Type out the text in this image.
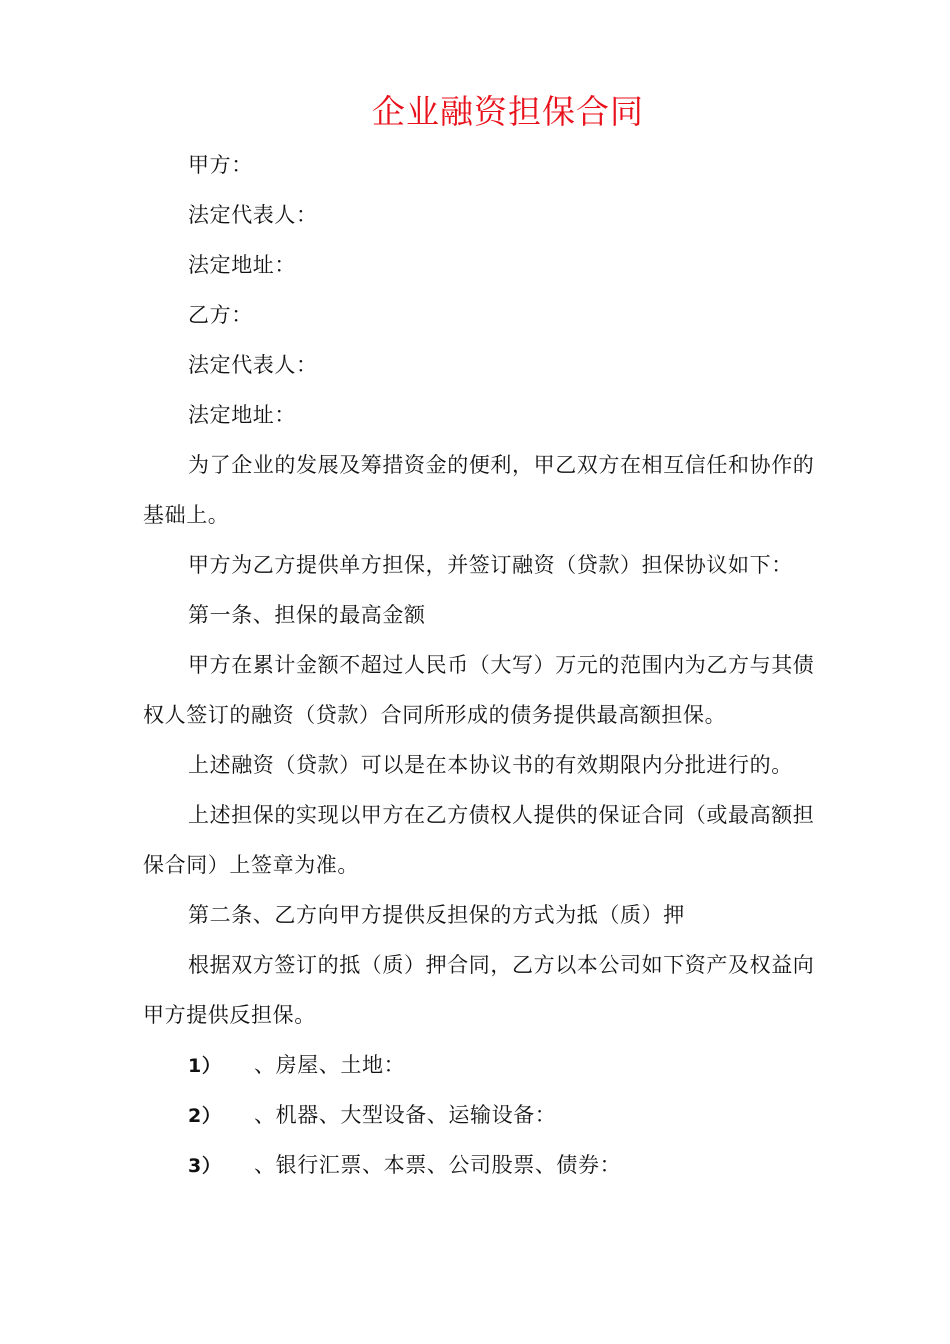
企业融资担保合同
甲方：
法定代表人：
法定地址：
乙方：
法定代表人：
法定地址：
为了企业的发展及筹措资金的便利，甲乙双方在相互信任和协作的基础上。
甲方为乙方提供单方担保，并签订融资（贷款）担保协议如下：
第一条、担保的最高金额
甲方在累计金额不超过人民币（大写）万元的范围内为乙方与其债 权人签订的融资（贷款）合同所形成的债务提供最高额担保。
上述融资（贷款）可以是在本协议书的有效期限内分批进行的。
上述担保的实现以甲方在乙方债权人提供的保证合同（或最高额担保合同）上签章为准。
第二条、乙方向甲方提供反担保的方式为抵（质）押
根据双方签订的抵（质）押合同，乙方以本公司如下资产及权益向 甲方提供反担保。
1） 、房屋、土地：
2） 、机器、大型设备、运输设备：
3） 、银行汇票、本票、公司股票、债券：
